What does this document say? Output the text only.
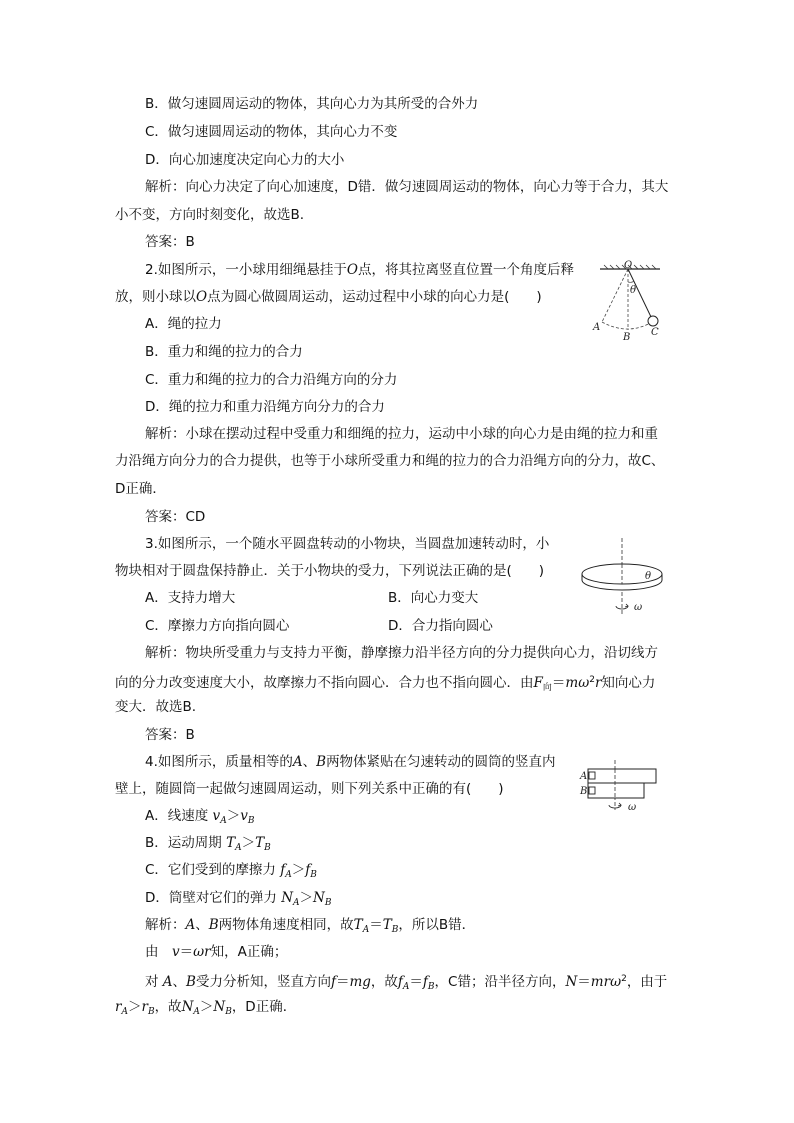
B．做匀速圆周运动的物体，其向心力为其所受的合外力
C．做匀速圆周运动的物体，其向心力不变
D．向心加速度决定向心力的大小
解析：向心力决定了向心加速度，D错．做匀速圆周运动的物体，向心力等于合力，其大
小不变，方向时刻变化，故选B.
答案：B
2.如图所示，一小球用细绳悬挂于O点，将其拉离竖直位置一个角度后释
放，则小球以O点为圆心做圆周运动，运动过程中小球的向心力是(　　)
A．绳的拉力
B．重力和绳的拉力的合力
C．重力和绳的拉力的合力沿绳方向的分力
D．绳的拉力和重力沿绳方向分力的合力
解析：小球在摆动过程中受重力和细绳的拉力，运动中小球的向心力是由绳的拉力和重
力沿绳方向分力的合力提供，也等于小球所受重力和绳的拉力的合力沿绳方向的分力，故C、
D正确．
答案：CD
O
θ
A
B C
3.如图所示，一个随水平圆盘转动的小物块，当圆盘加速转动时，小
物块相对于圆盘保持静止．关于小物块的受力，下列说法正确的是(　　)
A．支持力增大	B．向心力变大
C．摩擦力方向指向圆心	D．合力指向圆心
解析：物块所受重力与支持力平衡，静摩擦力沿半径方向的分力提供向心力，沿切线方
向的分力改变速度大小，故摩擦力不指向圆心．合力也不指向圆心．由$F_向=m\omega^2r$知向心力
变大．故选B.
答案：B
θ
ω
4.如图所示，质量相等的A、B两物体紧贴在匀速转动的圆筒的竖直内
壁上，随圆筒一起做匀速圆周运动，则下列关系中正确的有(　　)
A．线速度 $v_A>v_B$
B．运动周期 $T_A>T_B$
C．它们受到的摩擦力 $f_A>f_B$
D．筒壁对它们的弹力 $N_A>N_B$
解析：A、B两物体角速度相同，故$T_A=T_B$，所以B错．
由　v＝ωr知，A正确；
对 A、B受力分析知，竖直方向f＝mg，故$f_A=f_B$，C错；沿半径方向，N＝mrω$^2$，由于
$r_A>r_B$，故$N_A>N_B$，D正确．
A
B
ω
